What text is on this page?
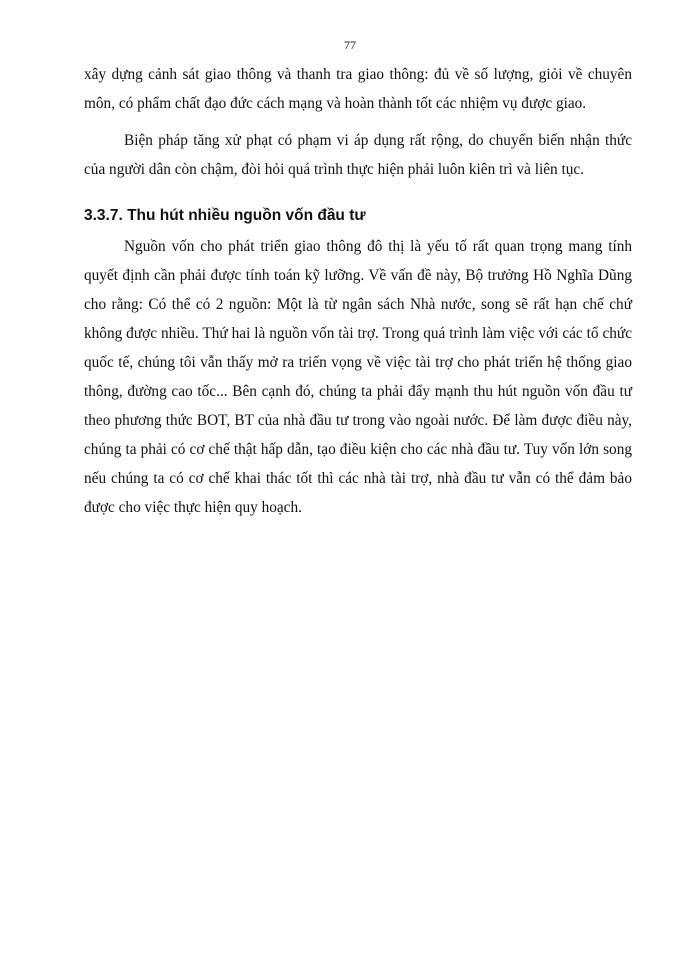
77

xây dựng cảnh sát giao thông và thanh tra giao thông: đủ về số lượng, giỏi về chuyên môn, có phẩm chất đạo đức cách mạng và hoàn thành tốt các nhiệm vụ được giao.

Biện pháp tăng xử phạt có phạm vi áp dụng rất rộng, do chuyển biến nhận thức của người dân còn chậm, đòi hỏi quá trình thực hiện phải luôn kiên trì và liên tục.

3.3.7. Thu hút nhiều nguồn vốn đầu tư

Nguồn vốn cho phát triển giao thông đô thị là yếu tố rất quan trọng mang tính quyết định cần phải được tính toán kỹ lưỡng. Về vấn đề này, Bộ trưởng Hồ Nghĩa Dũng cho rằng: Có thể có 2 nguồn: Một là từ ngân sách Nhà nước, song sẽ rất hạn chế chứ không được nhiều. Thứ hai là nguồn vốn tài trợ. Trong quá trình làm việc với các tổ chức quốc tế, chúng tôi vẫn thấy mở ra triển vọng về việc tài trợ cho phát triển hệ thống giao thông, đường cao tốc... Bên cạnh đó, chúng ta phải đẩy mạnh thu hút nguồn vốn đầu tư theo phương thức BOT, BT của nhà đầu tư trong vào ngoài nước. Để làm được điều này, chúng ta phải có cơ chế thật hấp dẫn, tạo điều kiện cho các nhà đầu tư. Tuy vốn lớn song nếu chúng ta có cơ chế khai thác tốt thì các nhà tài trợ, nhà đầu tư vẫn có thể đảm bảo được cho việc thực hiện quy hoạch.
